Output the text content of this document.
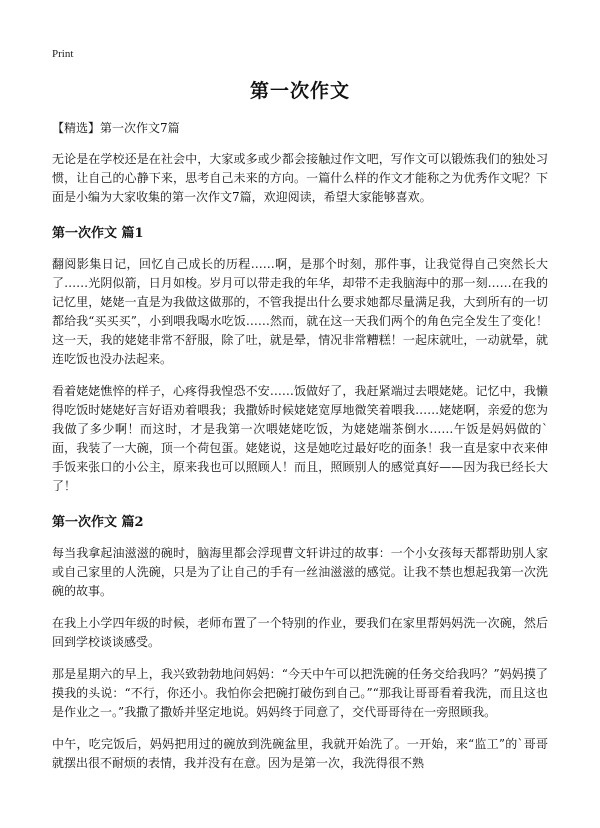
Print
第一次作文
【精选】第一次作文7篇

无论是在学校还是在社会中，大家或多或少都会接触过作文吧，写作文可以锻炼我们的独处习惯，让自己的心静下来，思考自己未来的方向。一篇什么样的作文才能称之为优秀作文呢？下面是小编为大家收集的第一次作文7篇，欢迎阅读，希望大家能够喜欢。

第一次作文 篇1

翻阅影集日记，回忆自己成长的历程……啊，是那个时刻，那件事，让我觉得自己突然长大了……光阴似箭，日月如梭。岁月可以带走我的年华，却带不走我脑海中的那一刻……在我的记忆里，姥姥一直是为我做这做那的，不管我提出什么要求她都尽量满足我，大到所有的一切都给我“买买买”，小到喂我喝水吃饭……然而，就在这一天我们两个的角色完全发生了变化！这一天，我的姥姥非常不舒服，除了吐，就是晕，情况非常糟糕！一起床就吐，一动就晕，就连吃饭也没办法起来。

看着姥姥憔悴的样子，心疼得我惶恐不安……饭做好了，我赶紧端过去喂姥姥。记忆中，我懒得吃饭时姥姥好言好语劝着喂我；我撒娇时候姥姥宽厚地微笑着喂我……姥姥啊，亲爱的您为我做了多少啊！而这时，才是我第一次喂姥姥吃饭，为姥姥端茶倒水……午饭是妈妈做的`面，我装了一大碗，顶一个荷包蛋。姥姥说，这是她吃过最好吃的面条！我一直是家中衣来伸手饭来张口的小公主，原来我也可以照顾人！而且，照顾别人的感觉真好——因为我已经长大了！

第一次作文 篇2

每当我拿起油滋滋的碗时，脑海里都会浮现曹文轩讲过的故事：一个小女孩每天都帮助别人家或自己家里的人洗碗，只是为了让自己的手有一丝油滋滋的感觉。让我不禁也想起我第一次洗碗的故事。

在我上小学四年级的时候，老师布置了一个特别的作业，要我们在家里帮妈妈洗一次碗，然后回到学校谈谈感受。

那是星期六的早上，我兴致勃勃地问妈妈：“今天中午可以把洗碗的任务交给我吗？”妈妈摸了摸我的头说：“不行，你还小。我怕你会把碗打破伤到自己。”“那我让哥哥看着我洗，而且这也是作业之一。”我撒了撒娇并坚定地说。妈妈终于同意了，交代哥哥待在一旁照顾我。

中午，吃完饭后，妈妈把用过的碗放到洗碗盆里，我就开始洗了。一开始，来“监工”的`哥哥就摆出很不耐烦的表情，我并没有在意。因为是第一次，我洗得很不熟
